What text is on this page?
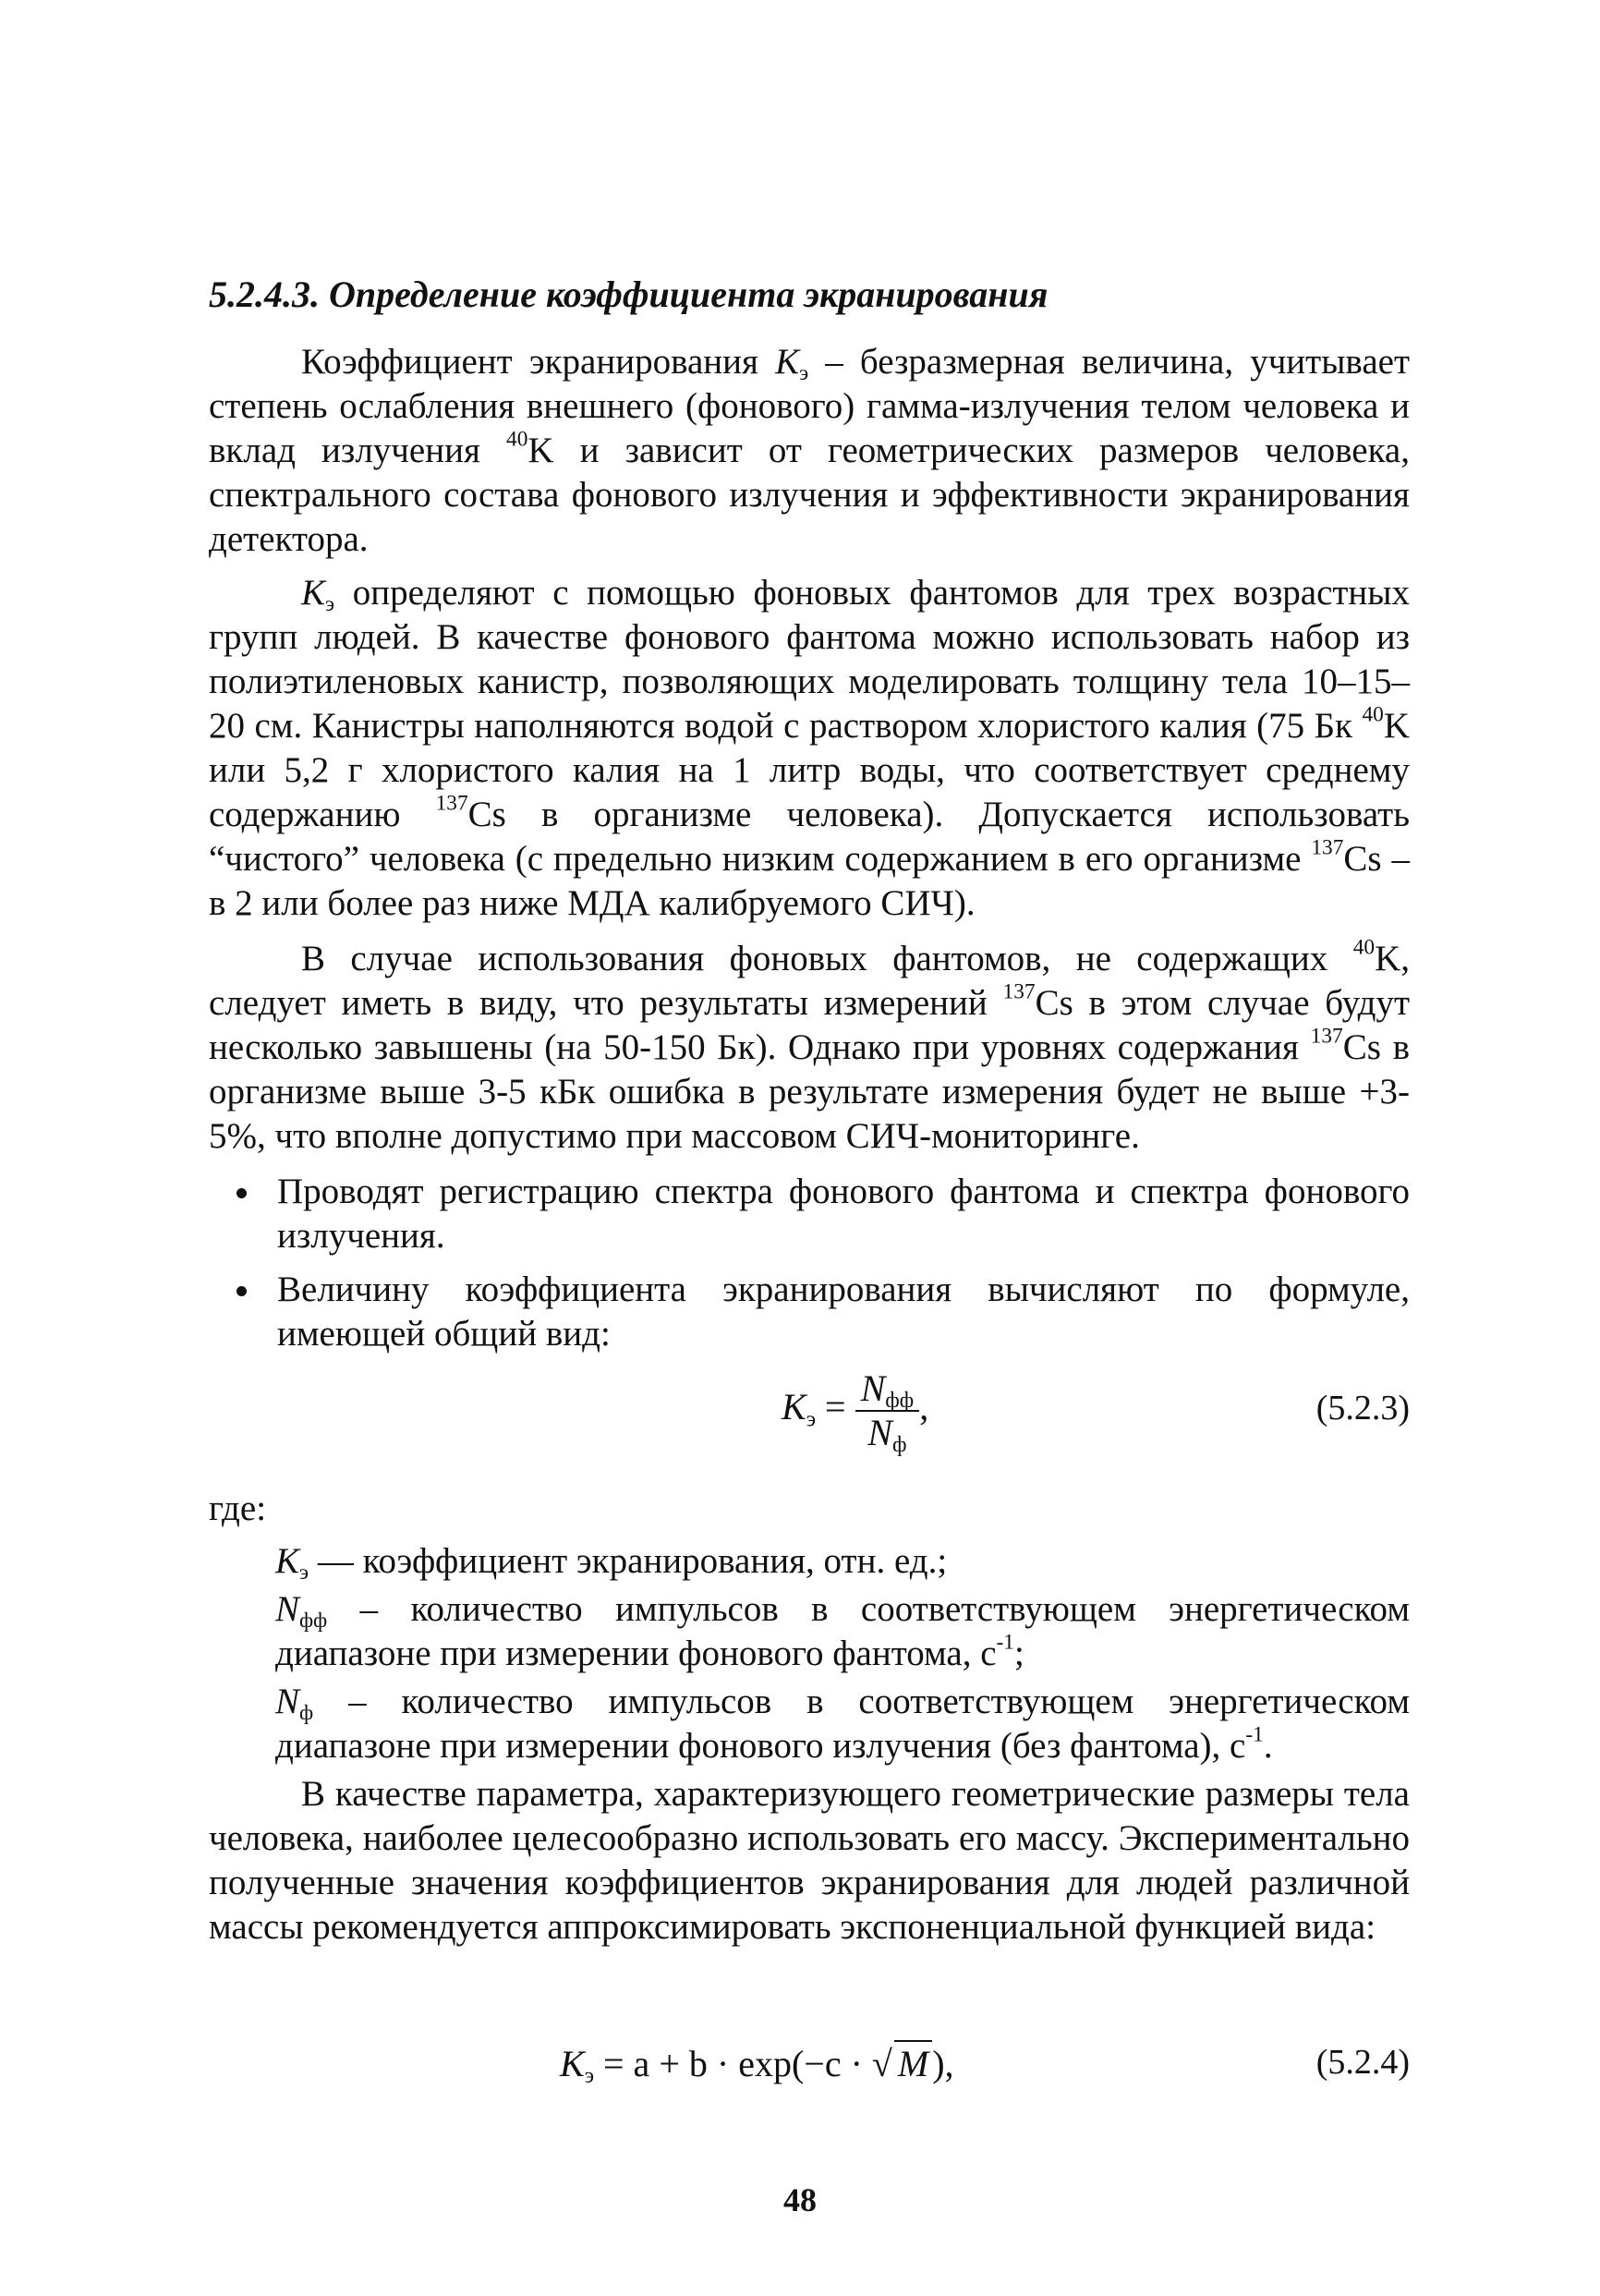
5.2.4.3. Определение коэффициента экранирования

Коэффициент экранирования $K_э$ – безразмерная величина, учитывает степень ослабления внешнего (фонового) гамма-излучения телом человека и вклад излучения $^{40}$K и зависит от геометрических размеров человека, спектрального состава фонового излучения и эффективности экранирования детектора.

$K_э$ определяют с помощью фоновых фантомов для трех возрастных групп людей. В качестве фонового фантома можно использовать набор из полиэтиленовых канистр, позволяющих моделировать толщину тела 10–15–20 см. Канистры наполняются водой с раствором хлористого калия (75 Бк $^{40}$K или 5,2 г хлористого калия на 1 литр воды, что соответствует среднему содержанию $^{137}$Cs в организме человека). Допускается использовать “чистого” человека (с предельно низким содержанием в его организме $^{137}$Cs – в 2 или более раз ниже МДА калибруемого СИЧ).

В случае использования фоновых фантомов, не содержащих $^{40}$K, следует иметь в виду, что результаты измерений $^{137}$Cs в этом случае будут несколько завышены (на 50-150 Бк). Однако при уровнях содержания $^{137}$Cs в организме выше 3-5 кБк ошибка в результате измерения будет не выше +3-5%, что вполне допустимо при массовом СИЧ-мониторинге.

Проводят регистрацию спектра фонового фантома и спектра фонового излучения.

Величину коэффициента экранирования вычисляют по формуле, имеющей общий вид:

$K_э = \frac{N_{фф}}{N_ф}$ ,	(5.2.3)
где:

$K_э$ — коэффициент экранирования, отн. ед.;

$N_{фф}$ – количество импульсов в соответствующем энергетическом диапазоне при измерении фонового фантома, $c^{-1}$;

$N_ф$ – количество импульсов в соответствующем энергетическом диапазоне при измерении фонового излучения (без фантома), $c^{-1}$.

В качестве параметра, характеризующего геометрические размеры тела человека, наиболее целесообразно использовать его массу. Экспериментально полученные значения коэффициентов экранирования для людей различной массы рекомендуется аппроксимировать экспоненциальной функцией вида:

$K_э = a + b \cdot \exp(-c$ · √ M ),	(5.2.4)
48
